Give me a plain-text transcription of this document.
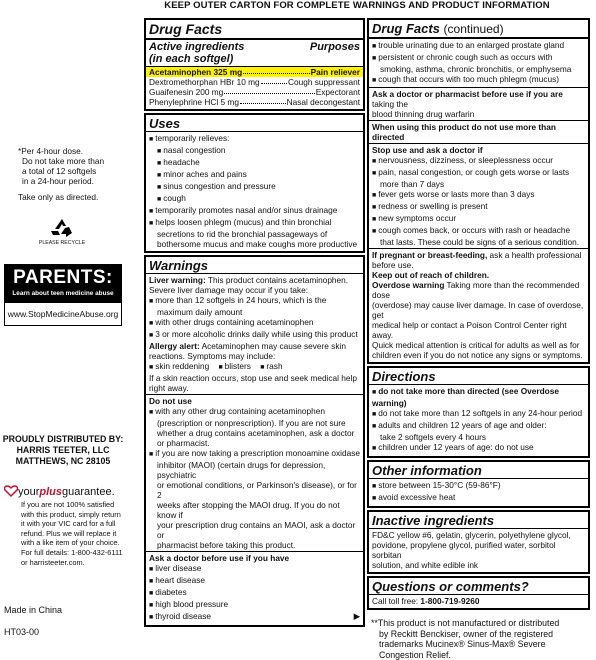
KEEP OUTER CARTON FOR COMPLETE WARNINGS AND PRODUCT INFORMATION
*Per 4-hour dose.
Do not take more than
a total of 12 softgels
in a 24-hour period.
Take only as directed.
PLEASE RECYCLE
PARENTS:
Learn about teen medicine abuse
www.StopMedicineAbuse.org
PROUDLY DISTRIBUTED BY:
HARRIS TEETER, LLC
MATTHEWS, NC 28105
yourplusguarantee.
If you are not 100% satisfied
with this product, simply return
it with your VIC card for a full
refund. Plus we will replace it
with a like item of your choice.
For full details: 1-800-432-6111
or harristeeter.com.
Made in China
HT03-00
Drug Facts
Active ingredients	Purposes
(in each softgel)
Acetaminophen 325 mg	Pain reliever
Dextromethorphan HBr 10 mg	Cough suppressant
Guaifenesin 200 mg	Expectorant
Phenylephrine HCl 5 mg	Nasal decongestant
Uses
■ temporarily relieves:
■ nasal congestion
■ headache
■ minor aches and pains
■ sinus congestion and pressure
■ cough
■ temporarily promotes nasal and/or sinus drainage
■ helps loosen phlegm (mucus) and thin bronchial
secretions to rid the bronchial passageways of
bothersome mucus and make coughs more productive
Warnings
Liver warning: This product contains acetaminophen.
Severe liver damage may occur if you take:
■ more than 12 softgels in 24 hours, which is the
maximum daily amount
■ with other drugs containing acetaminophen
■ 3 or more alcoholic drinks daily while using this product
Allergy alert: Acetaminophen may cause severe skin
reactions. Symptoms may include:
■ skin reddening ■ blisters ■ rash
If a skin reaction occurs, stop use and seek medical help
right away.
Do not use
■ with any other drug containing acetaminophen
(prescription or nonprescription). If you are not sure
whether a drug contains acetaminophen, ask a doctor
or pharmacist.
■ if you are now taking a prescription monoamine oxidase
inhibitor (MAOI) (certain drugs for depression, psychiatric
or emotional conditions, or Parkinson's disease), or for 2
weeks after stopping the MAOI drug. If you do not know if
your prescription drug contains an MAOI, ask a doctor or
pharmacist before taking this product.
Ask a doctor before use if you have
■ liver disease
■ heart disease
■ diabetes
■ high blood pressure
■ thyroid disease	▶
Drug Facts (continued)
■ trouble urinating due to an enlarged prostate gland
■ persistent or chronic cough such as occurs with
smoking, asthma, chronic bronchitis, or emphysema
■ cough that occurs with too much phlegm (mucus)
Ask a doctor or pharmacist before use if you are taking the
blood thinning drug warfarin
When using this product do not use more than directed
Stop use and ask a doctor if
■ nervousness, dizziness, or sleeplessness occur
■ pain, nasal congestion, or cough gets worse or lasts
more than 7 days
■ fever gets worse or lasts more than 3 days
■ redness or swelling is present
■ new symptoms occur
■ cough comes back, or occurs with rash or headache
that lasts. These could be signs of a serious condition.
If pregnant or breast-feeding, ask a health professional
before use.
Keep out of reach of children.
Overdose warning Taking more than the recommended dose
(overdose) may cause liver damage. In case of overdose, get
medical help or contact a Poison Control Center right away.
Quick medical attention is critical for adults as well as for
children even if you do not notice any signs or symptoms.
Directions
■ do not take more than directed (see Overdose warning)
■ do not take more than 12 softgels in any 24-hour period
■ adults and children 12 years of age and older:
take 2 softgels every 4 hours
■ children under 12 years of age: do not use
Other information
■ store between 15-30°C (59-86°F)
■ avoid excessive heat
Inactive ingredients
FD&C yellow #6, gelatin, glycerin, polyethylene glycol,
povidone, propylene glycol, purified water, sorbitol sorbitan
solution, and white edible ink
Questions or comments?
Call toll free: 1-800-719-9260
**This product is not manufactured or distributed
by Reckitt Benckiser, owner of the registered
trademarks Mucinex® Sinus-Max® Severe
Congestion Relief.
